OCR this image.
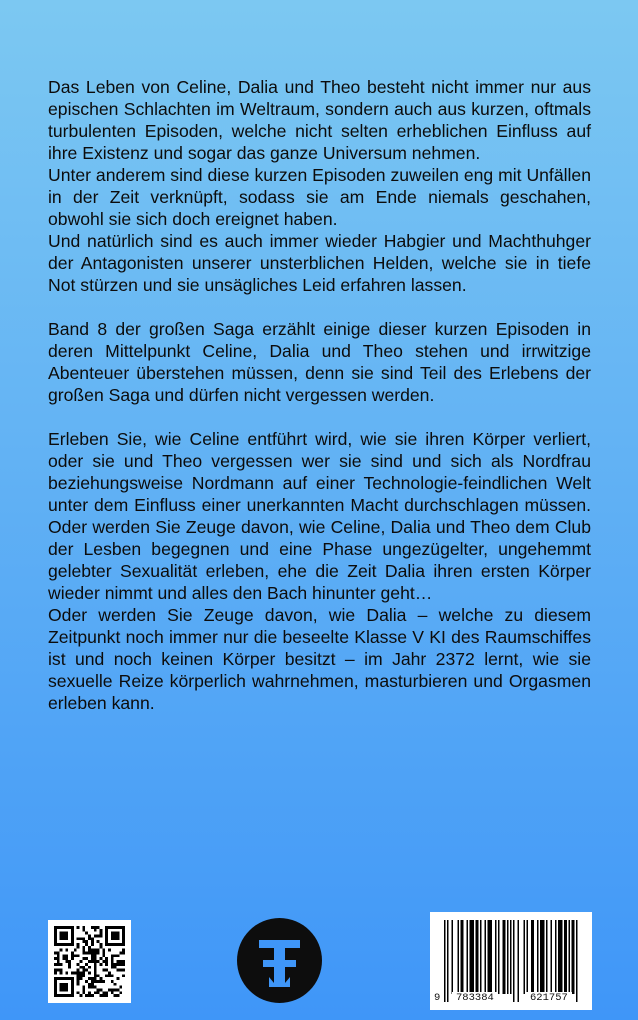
Das Leben von Celine, Dalia und Theo besteht nicht immer nur aus epischen Schlachten im Weltraum, sondern auch aus kurzen, oftmals turbulenten Episoden, welche nicht selten erheblichen Einfluss auf ihre Existenz und sogar das ganze Universum nehmen.

Unter anderem sind diese kurzen Episoden zuweilen eng mit Unfällen in der Zeit verknüpft, sodass sie am Ende niemals geschahen, obwohl sie sich doch ereignet haben.

Und natürlich sind es auch immer wieder Habgier und Machthuhger der Antagonisten unserer unsterblichen Helden, welche sie in tiefe Not stürzen und sie unsägliches Leid erfahren lassen.

Band 8 der großen Saga erzählt einige dieser kurzen Episoden in deren Mittelpunkt Celine, Dalia und Theo stehen und irrwitzige Abenteuer überstehen müssen, denn sie sind Teil des Erlebens der großen Saga und dürfen nicht vergessen werden.

Erleben Sie, wie Celine entführt wird, wie sie ihren Körper verliert, oder sie und Theo vergessen wer sie sind und sich als Nordfrau beziehungsweise Nordmann auf einer Technologie-feindlichen Welt unter dem Einfluss einer unerkannten Macht durchschlagen müssen. Oder werden Sie Zeuge davon, wie Celine, Dalia und Theo dem Club der Lesben begegnen und eine Phase ungezügelter, ungehemmt gelebter Sexualität erleben, ehe die Zeit Dalia ihren ersten Körper wieder nimmt und alles den Bach hinunter geht…

Oder werden Sie Zeuge davon, wie Dalia – welche zu diesem Zeitpunkt noch immer nur die beseelte Klasse V KI des Raumschiffes ist und noch keinen Körper besitzt – im Jahr 2372 lernt, wie sie sexuelle Reize körperlich wahrnehmen, masturbieren und Orgasmen erleben kann.

9	783384	621757
